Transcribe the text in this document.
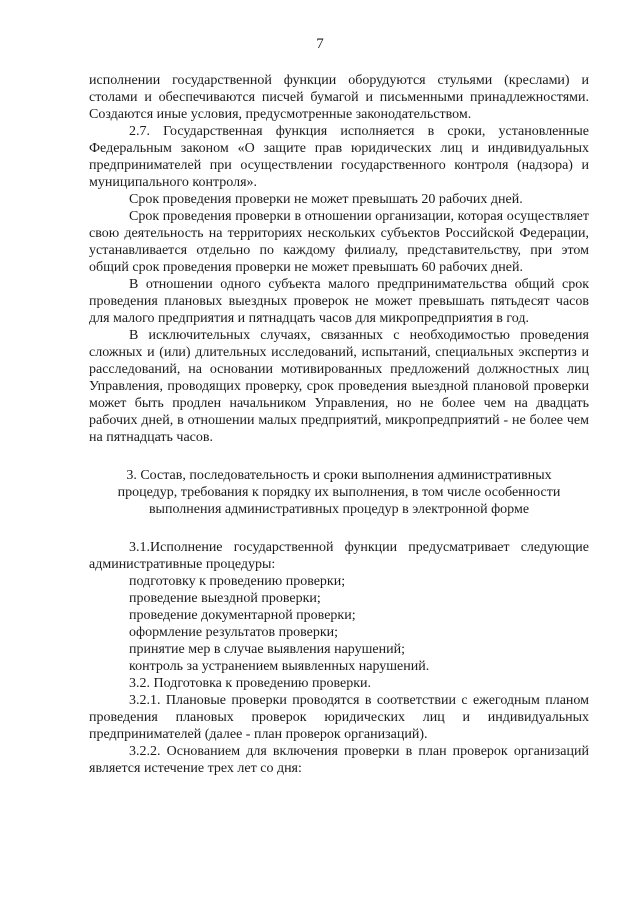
7

исполнении государственной функции оборудуются стульями (креслами) и столами и обеспечиваются писчей бумагой и письменными принадлежностями. Создаются иные условия, предусмотренные законодательством.

2.7. Государственная функция исполняется в сроки, установленные Федеральным законом «О защите прав юридических лиц и индивидуальных предпринимателей при осуществлении государственного контроля (надзора) и муниципального контроля».

Срок проведения проверки не может превышать 20 рабочих дней.

Срок проведения проверки в отношении организации, которая осуществляет свою деятельность на территориях нескольких субъектов Российской Федерации, устанавливается отдельно по каждому филиалу, представительству, при этом общий срок проведения проверки не может превышать 60 рабочих дней.

В отношении одного субъекта малого предпринимательства общий срок проведения плановых выездных проверок не может превышать пятьдесят часов для малого предприятия и пятнадцать часов для микропредприятия в год.

В исключительных случаях, связанных с необходимостью проведения сложных и (или) длительных исследований, испытаний, специальных экспертиз и расследований, на основании мотивированных предложений должностных лиц Управления, проводящих проверку, срок проведения выездной плановой проверки может быть продлен начальником Управления, но не более чем на двадцать рабочих дней, в отношении малых предприятий, микропредприятий - не более чем на пятнадцать часов.

3. Состав, последовательность и сроки выполнения административных

процедур, требования к порядку их выполнения, в том числе особенности

выполнения административных процедур в электронной форме

3.1.Исполнение государственной функции предусматривает следующие административные процедуры:

подготовку к проведению проверки;

проведение выездной проверки;

проведение документарной проверки;

оформление результатов проверки;

принятие мер в случае выявления нарушений;

контроль за устранением выявленных нарушений.

3.2. Подготовка к проведению проверки.

3.2.1. Плановые проверки проводятся в соответствии с ежегодным планом проведения плановых проверок юридических лиц и индивидуальных предпринимателей (далее - план проверок организаций).

3.2.2. Основанием для включения проверки в план проверок организаций является истечение трех лет со дня:
